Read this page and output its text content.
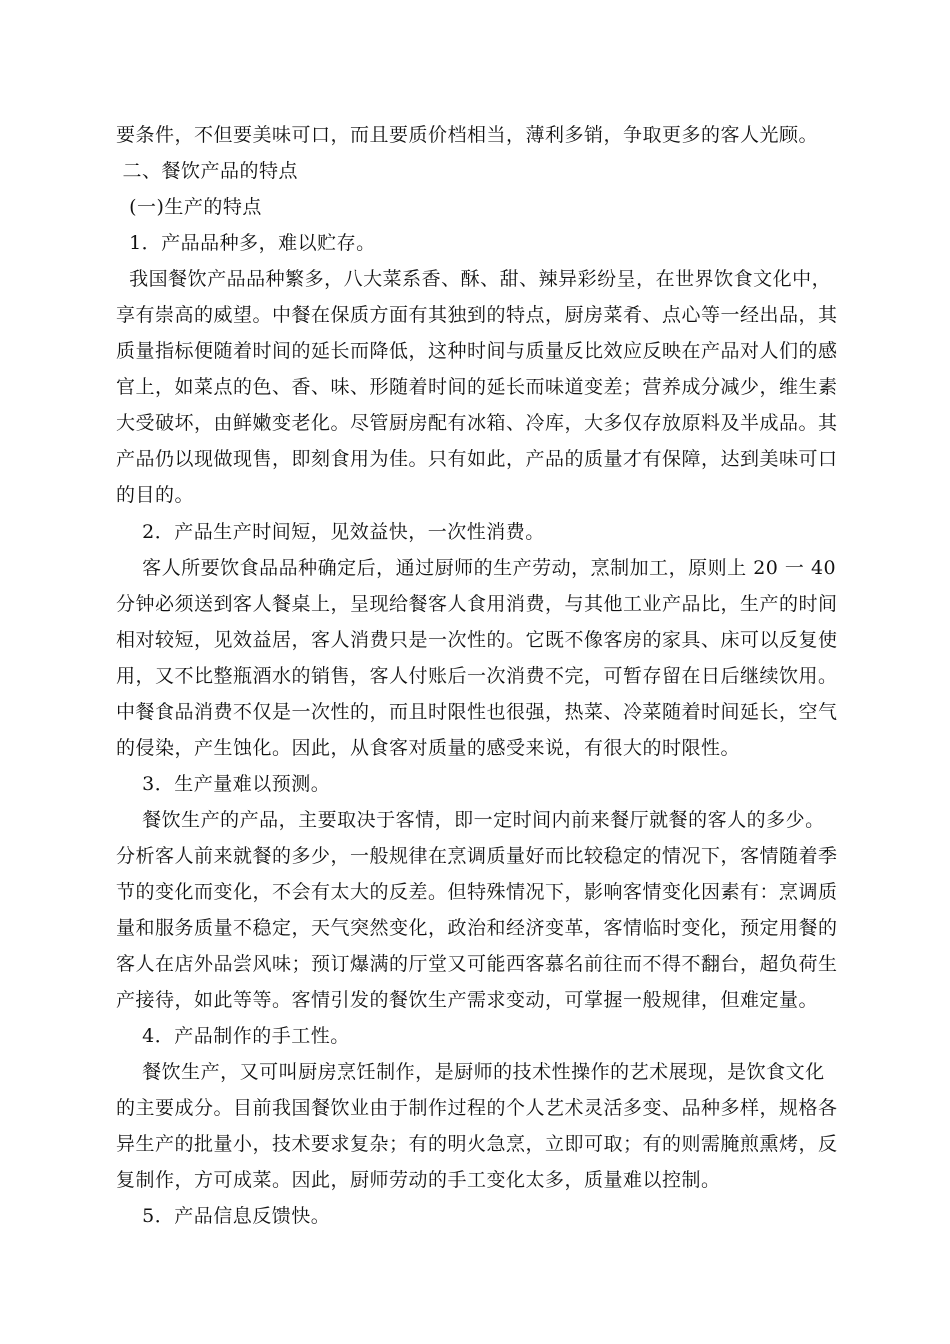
要条件，不但要美味可口，而且要质价档相当，薄利多销，争取更多的客人光顾。
二、餐饮产品的特点
(一)生产的特点
1．产品品种多，难以贮存。
我国餐饮产品品种繁多，八大菜系香、酥、甜、辣异彩纷呈，在世界饮食文化中，
享有崇高的威望。中餐在保质方面有其独到的特点，厨房菜肴、点心等一经出品，其
质量指标便随着时间的延长而降低，这种时间与质量反比效应反映在产品对人们的感
官上，如菜点的色、香、味、形随着时间的延长而味道变差；营养成分减少，维生素
大受破坏，由鲜嫩变老化。尽管厨房配有冰箱、冷库，大多仅存放原料及半成品。其
产品仍以现做现售，即刻食用为佳。只有如此，产品的质量才有保障，达到美味可口
的目的。
2．产品生产时间短，见效益快，一次性消费。
客人所要饮食品品种确定后，通过厨师的生产劳动，烹制加工，原则上 20 一 40
分钟必须送到客人餐桌上，呈现给餐客人食用消费，与其他工业产品比，生产的时间
相对较短，见效益居，客人消费只是一次性的。它既不像客房的家具、床可以反复使
用，又不比整瓶酒水的销售，客人付账后一次消费不完，可暂存留在日后继续饮用。
中餐食品消费不仅是一次性的，而且时限性也很强，热菜、冷菜随着时间延长，空气
的侵染，产生蚀化。因此，从食客对质量的感受来说，有很大的时限性。
3．生产量难以预测。
餐饮生产的产品，主要取决于客情，即一定时间内前来餐厅就餐的客人的多少。
分析客人前来就餐的多少，一般规律在烹调质量好而比较稳定的情况下，客情随着季
节的变化而变化，不会有太大的反差。但特殊情况下，影响客情变化因素有：烹调质
量和服务质量不稳定，天气突然变化，政治和经济变革，客情临时变化，预定用餐的
客人在店外品尝风味；预订爆满的厅堂又可能西客慕名前往而不得不翻台，超负荷生
产接待，如此等等。客情引发的餐饮生产需求变动，可掌握一般规律，但难定量。
4．产品制作的手工性。
餐饮生产，又可叫厨房烹饪制作，是厨师的技术性操作的艺术展现，是饮食文化
的主要成分。目前我国餐饮业由于制作过程的个人艺术灵活多变、品种多样，规格各
异生产的批量小，技术要求复杂；有的明火急烹，立即可取；有的则需腌煎熏烤，反
复制作，方可成菜。因此，厨师劳动的手工变化太多，质量难以控制。
5．产品信息反馈快。
